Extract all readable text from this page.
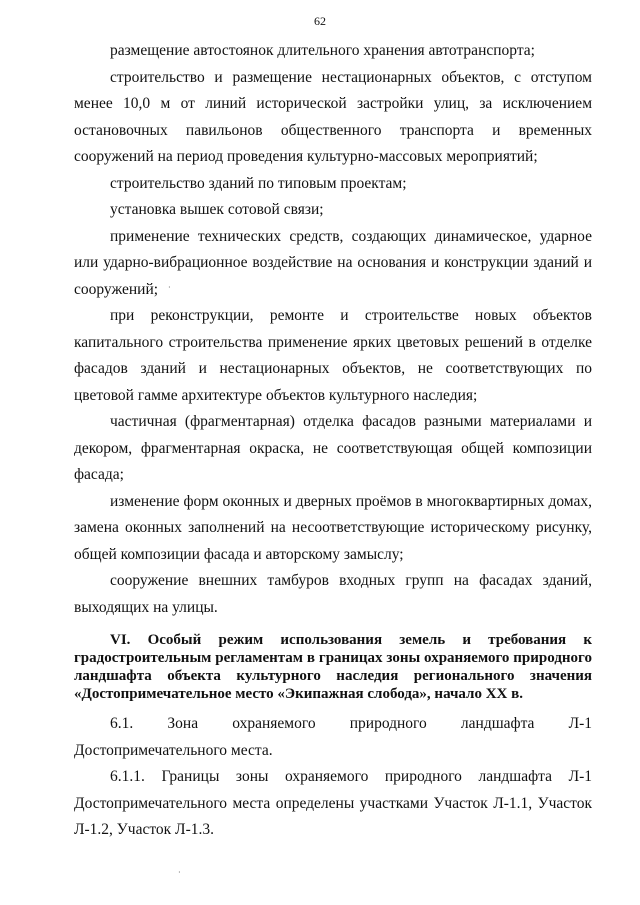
62

размещение автостоянок длительного хранения автотранспорта;

строительство и размещение нестационарных объектов, с отступом менее 10,0 м от линий исторической застройки улиц, за исключением остановочных павильонов общественного транспорта и временных сооружений на период проведения культурно-массовых мероприятий;

строительство зданий по типовым проектам;

установка вышек сотовой связи;

применение технических средств, создающих динамическое, ударное или ударно-вибрационное воздействие на основания и конструкции зданий и сооружений;

при реконструкции, ремонте и строительстве новых объектов капитального строительства применение ярких цветовых решений в отделке фасадов зданий и нестационарных объектов, не соответствующих по цветовой гамме архитектуре объектов культурного наследия;

частичная (фрагментарная) отделка фасадов разными материалами и декором, фрагментарная окраска, не соответствующая общей композиции фасада;

изменение форм оконных и дверных проёмов в многоквартирных домах, замена оконных заполнений на несоответствующие историческому рисунку, общей композиции фасада и авторскому замыслу;

сооружение внешних тамбуров входных групп на фасадах зданий, выходящих на улицы.

VI. Особый режим использования земель и требования к градостроительным регламентам в границах зоны охраняемого природного ландшафта объекта культурного наследия регионального значения «Достопримечательное место «Экипажная слобода», начало XX в.

6.1. Зона охраняемого природного ландшафта Л-1 Достопримечательного места.

6.1.1. Границы зоны охраняемого природного ландшафта Л-1 Достопримечательного места определены участками Участок Л-1.1, Участок Л-1.2, Участок Л-1.3.

·
·
